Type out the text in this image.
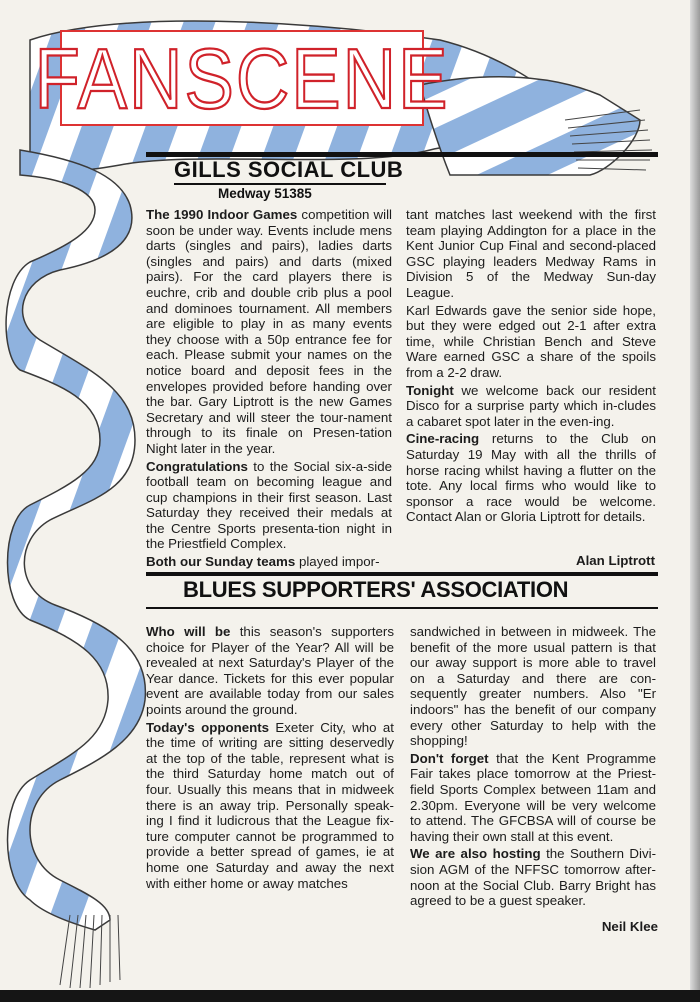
FANSCENE
GILLS SOCIAL CLUB
Medway 51385

The 1990 Indoor Games competition will soon be under way. Events include mens darts (singles and pairs), ladies darts (singles and pairs) and darts (mixed pairs). For the card players there is euchre, crib and double crib plus a pool and dominoes tournament. All members are eligible to play in as many events they choose with a 50p entrance fee for each. Please submit your names on the notice board and deposit fees in the envelopes provided before handing over the bar. Gary Liptrott is the new Games Secretary and will steer the tour-nament through to its finale on Presen-tation Night later in the year.

Congratulations to the Social six-a-side football team on becoming league and cup champions in their first season. Last Saturday they received their medals at the Centre Sports presenta-tion night in the Priestfield Complex.

Both our Sunday teams played impor-

tant matches last weekend with the first team playing Addington for a place in the Kent Junior Cup Final and second-placed GSC playing leaders Medway Rams in Division 5 of the Medway Sun-day League.

Karl Edwards gave the senior side hope, but they were edged out 2-1 after extra time, while Christian Bench and Steve Ware earned GSC a share of the spoils from a 2-2 draw.

Tonight we welcome back our resident Disco for a surprise party which in-cludes a cabaret spot later in the even-ing.

Cine-racing returns to the Club on Saturday 19 May with all the thrills of horse racing whilst having a flutter on the tote. Any local firms who would like to sponsor a race would be welcome. Contact Alan or Gloria Liptrott for details.

Alan Liptrott
BLUES SUPPORTERS' ASSOCIATION

Who will be this season's supporters choice for Player of the Year? All will be revealed at next Saturday's Player of the Year dance. Tickets for this ever popular event are available today from our sales points around the ground.

Today's opponents Exeter City, who at the time of writing are sitting deservedly at the top of the table, represent what is the third Saturday home match out of four. Usually this means that in midweek there is an away trip. Personally speak-ing I find it ludicrous that the League fix-ture computer cannot be programmed to provide a better spread of games, ie at home one Saturday and away the next with either home or away matches

sandwiched in between in midweek. The benefit of the more usual pattern is that our away support is more able to travel on a Saturday and there are con-sequently greater numbers. Also "Er indoors" has the benefit of our company every other Saturday to help with the shopping!

Don't forget that the Kent Programme Fair takes place tomorrow at the Priest-field Sports Complex between 11am and 2.30pm. Everyone will be very welcome to attend. The GFCBSA will of course be having their own stall at this event.

We are also hosting the Southern Divi-sion AGM of the NFFSC tomorrow after-noon at the Social Club. Barry Bright has agreed to be a guest speaker.

Neil Klee
